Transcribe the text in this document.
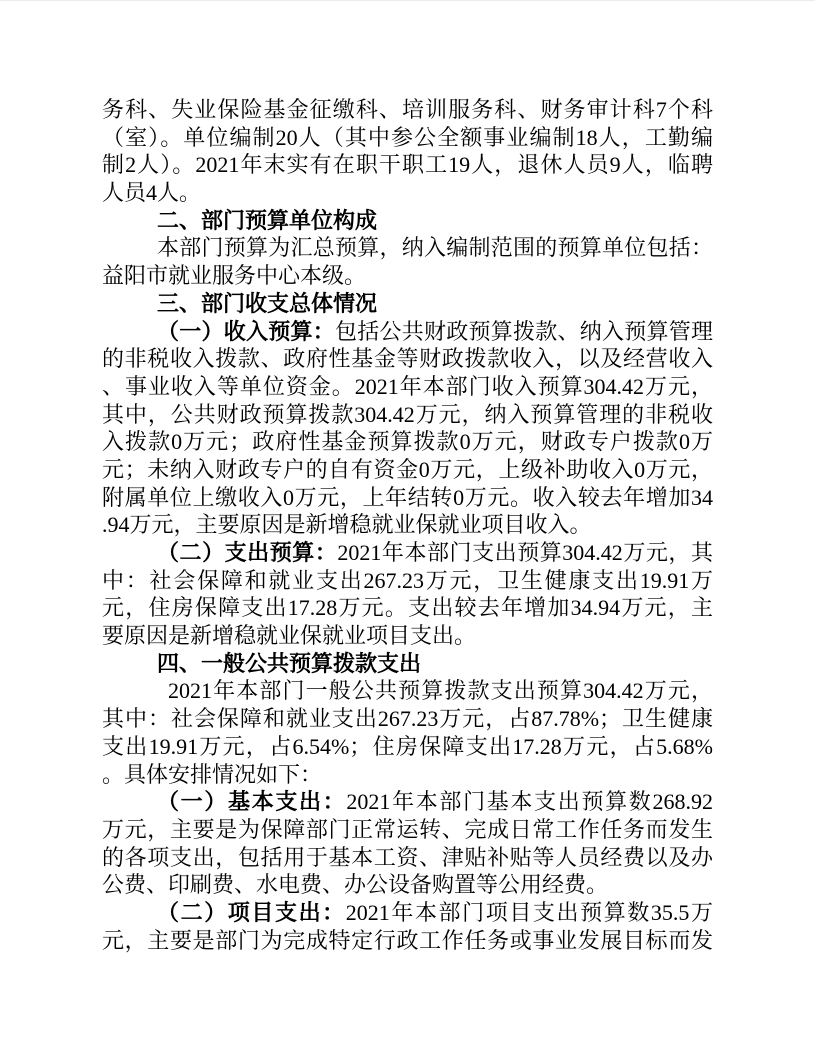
务科、失业保险基金征缴科、培训服务科、财务审计科7个科
（室）。单位编制20人（其中参公全额事业编制18人，工勤编
制2人）。2021年末实有在职干职工19人，退休人员9人，临聘
人员4人。
二、部门预算单位构成
本部门预算为汇总预算，纳入编制范围的预算单位包括：
益阳市就业服务中心本级。
三、部门收支总体情况
（一）收入预算：包括公共财政预算拨款、纳入预算管理
的非税收入拨款、政府性基金等财政拨款收入，以及经营收入
、事业收入等单位资金。2021年本部门收入预算304.42万元，
其中，公共财政预算拨款304.42万元，纳入预算管理的非税收
入拨款0万元；政府性基金预算拨款0万元，财政专户拨款0万
元；未纳入财政专户的自有资金0万元，上级补助收入0万元，
附属单位上缴收入0万元，上年结转0万元。收入较去年增加34
.94万元，主要原因是新增稳就业保就业项目收入。
（二）支出预算：2021年本部门支出预算304.42万元，其
中：社会保障和就业支出267.23万元，卫生健康支出19.91万
元，住房保障支出17.28万元。支出较去年增加34.94万元，主
要原因是新增稳就业保就业项目支出。
四、一般公共预算拨款支出
2021年本部门一般公共预算拨款支出预算304.42万元，
其中：社会保障和就业支出267.23万元，占87.78%；卫生健康
支出19.91万元，占6.54%；住房保障支出17.28万元，占5.68%
。具体安排情况如下：
（一）基本支出：2021年本部门基本支出预算数268.92
万元，主要是为保障部门正常运转、完成日常工作任务而发生
的各项支出，包括用于基本工资、津贴补贴等人员经费以及办
公费、印刷费、水电费、办公设备购置等公用经费。
（二）项目支出：2021年本部门项目支出预算数35.5万
元，主要是部门为完成特定行政工作任务或事业发展目标而发
